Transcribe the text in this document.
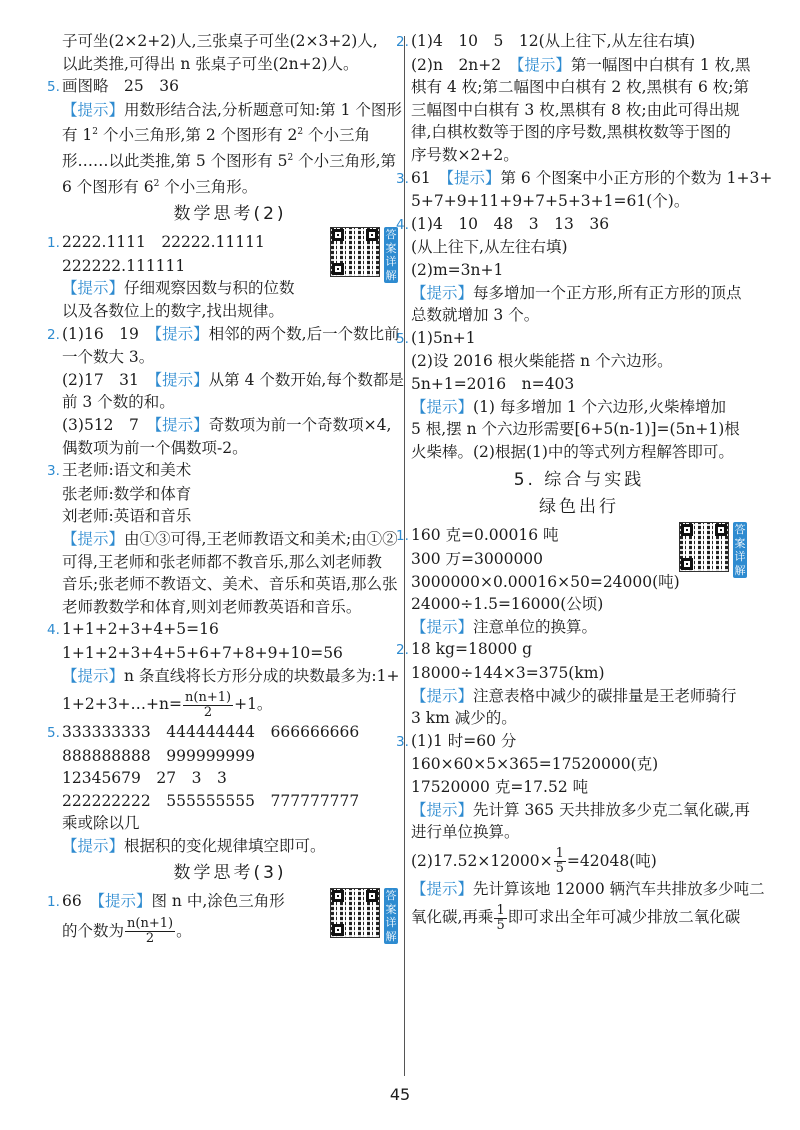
子可坐(2×2+2)人,三张桌子可坐(2×3+2)人,

以此类推,可得出 n 张桌子可坐(2n+2)人。

5. 画图略　25　36

【提示】用数形结合法,分析题意可知:第 1 个图形

有 $1^2$ 个小三角形,第 2 个图形有 $2^2$ 个小三角

形……以此类推,第 5 个图形有 $5^2$ 个小三角形,第

6 个图形有 $6^2$ 个小三角形。

数学思考(2)
答案详解

1. 2222.1111　22222.11111

222222.111111

【提示】仔细观察因数与积的位数

以及各数位上的数字,找出规律。

2. (1)16　19　【提示】相邻的两个数,后一个数比前

一个数大 3。

(2)17　31　【提示】从第 4 个数开始,每个数都是

前 3 个数的和。

(3)512　7　【提示】奇数项为前一个奇数项×4,

偶数项为前一个偶数项-2。

3. 王老师:语文和美术

张老师:数学和体育

刘老师:英语和音乐

【提示】由①③可得,王老师教语文和美术;由①②

可得,王老师和张老师都不教音乐,那么刘老师教

音乐;张老师不教语文、美术、音乐和英语,那么张

老师教数学和体育,则刘老师教英语和音乐。

4. 1+1+2+3+4+5=16

1+1+2+3+4+5+6+7+8+9+10=56

【提示】n 条直线将长方形分成的块数最多为:1+

1+2+3+…+n= $\frac{n(n+1)}{2} +1$。

5. 333333333　444444444　666666666

888888888　999999999

12345679　27　3　3

222222222　555555555　777777777

乘或除以几

【提示】根据积的变化规律填空即可。

数学思考(3)
答案详解

1. 66　【提示】图 n 中,涂色三角形

的个数为 $\frac{n(n+1)}{2}$ 。

2. (1)4　10　5　12(从上往下,从左往右填)

(2)n　2n+2　【提示】第一幅图中白棋有 1 枚,黑

棋有 4 枚;第二幅图中白棋有 2 枚,黑棋有 6 枚;第

三幅图中白棋有 3 枚,黑棋有 8 枚;由此可得出规

律,白棋枚数等于图的序号数,黑棋枚数等于图的

序号数×2+2。

3. 61　【提示】第 6 个图案中小正方形的个数为 1+3+

5+7+9+11+9+7+5+3+1=61(个)。

4. (1)4　10　48　3　13　36

(从上往下,从左往右填)

(2)m=3n+1

【提示】每多增加一个正方形,所有正方形的顶点

总数就增加 3 个。

5. (1)5n+1

(2)设 2016 根火柴能搭 n 个六边形。

5n+1=2016　n=403

【提示】(1) 每多增加 1 个六边形,火柴棒增加

5 根,摆 n 个六边形需要[6+5(n-1)]=(5n+1)根

火柴棒。(2)根据(1)中的等式列方程解答即可。

5. 综合与实践
绿色出行
答案详解

1. 160 克=0.00016 吨

300 万=3000000

3000000×0.00016×50=24000(吨)

24000÷1.5=16000(公顷)

【提示】注意单位的换算。

2. 18 kg=18000 g

18000÷144×3=375(km)

【提示】注意表格中减少的碳排量是王老师骑行

3 km 减少的。

3. (1)1 时=60 分

160×60×5×365=17520000(克)

17520000 克=17.52 吨

【提示】先计算 365 天共排放多少克二氧化碳,再

进行单位换算。

$(2)17.52\times 12000\times \frac{1}{5} =42048$(吨)

【提示】先计算该地 12000 辆汽车共排放多少吨二

氧化碳,再乘 $\frac{1}{5}$ 即可求出全年可减少排放二氧化碳

45
